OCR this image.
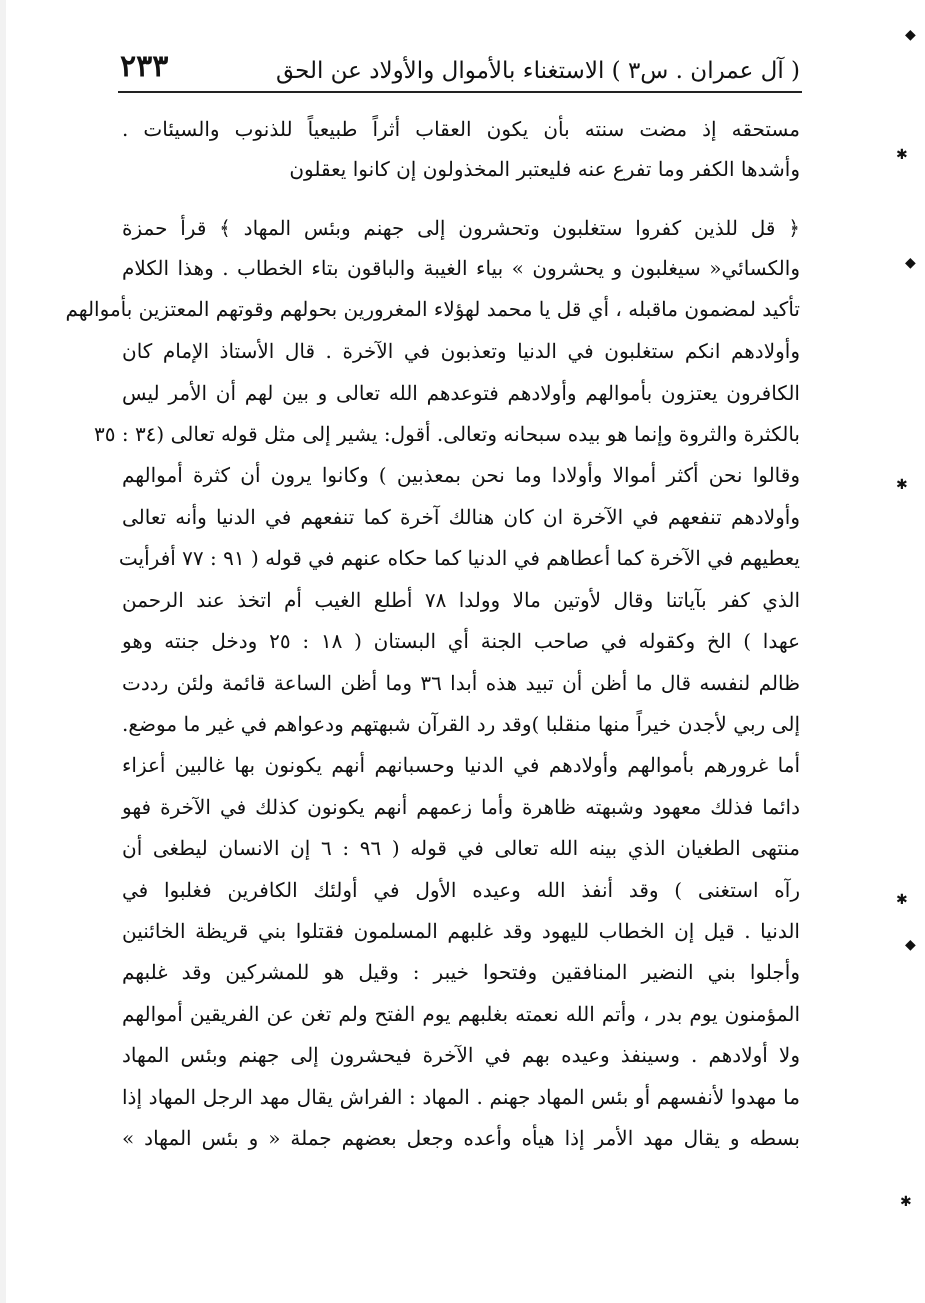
( آل عمران . س٣ ) الاستغناء بالأموال والأولاد عن الحق
٢٣٣
مستحقه إذ مضت سنته بأن يكون العقاب أثراً طبيعياً للذنوب والسيئات .
وأشدها الكفر وما تفرع عنه فليعتبر المخذولون إن كانوا يعقلون
﴿ قل للذين كفروا ستغلبون وتحشرون إلى جهنم وبئس المهاد ﴾ قرأ حمزة
والكسائي« سيغلبون و يحشرون » بياء الغيبة والباقون بتاء الخطاب . وهذا الكلام
تأكيد لمضمون ماقبله ، أي قل يا محمد لهؤلاء المغرورين بحولهم وقوتهم المعتزين بأموالهم
وأولادهم انكم ستغلبون في الدنيا وتعذبون في الآخرة . قال الأستاذ الإمام كان
الكافرون يعتزون بأموالهم وأولادهم فتوعدهم الله تعالى و بين لهم أن الأمر ليس
بالكثرة والثروة وإنما هو بيده سبحانه وتعالى. أقول: يشير إلى مثل قوله تعالى (٣٤ : ٣٥
وقالوا نحن أكثر أموالا وأولادا وما نحن بمعذبين ) وكانوا يرون أن كثرة أموالهم
وأولادهم تنفعهم في الآخرة ان كان هنالك آخرة كما تنفعهم في الدنيا وأنه تعالى
يعطيهم في الآخرة كما أعطاهم في الدنيا كما حكاه عنهم في قوله ( ٩١ : ٧٧ أفرأيت
الذي كفر بآياتنا وقال لأوتين مالا وولدا ٧٨ أطلع الغيب أم اتخذ عند الرحمن
عهدا ) الخ وكقوله في صاحب الجنة أي البستان ( ١٨ : ٢٥ ودخل جنته وهو
ظالم لنفسه قال ما أظن أن تبيد هذه أبدا ٣٦ وما أظن الساعة قائمة ولئن رددت
إلى ربي لأجدن خيراً منها منقلبا )وقد رد القرآن شبهتهم ودعواهم في غير ما موضع.
أما غرورهم بأموالهم وأولادهم في الدنيا وحسبانهم أنهم يكونون بها غالبين أعزاء
دائما فذلك معهود وشبهته ظاهرة وأما زعمهم أنهم يكونون كذلك في الآخرة فهو
منتهى الطغيان الذي بينه الله تعالى في قوله ( ٩٦ : ٦ إن الانسان ليطغى أن
رآه استغنى ) وقد أنفذ الله وعيده الأول في أولئك الكافرين فغلبوا في
الدنيا . قيل إن الخطاب لليهود وقد غلبهم المسلمون فقتلوا بني قريظة الخائنين
وأجلوا بني النضير المنافقين وفتحوا خيبر : وقيل هو للمشركين وقد غلبهم
المؤمنون يوم بدر ، وأتم الله نعمته بغلبهم يوم الفتح ولم تغن عن الفريقين أموالهم
ولا أولادهم . وسينفذ وعيده بهم في الآخرة فيحشرون إلى جهنم وبئس المهاد
ما مهدوا لأنفسهم أو بئس المهاد جهنم . المهاد : الفراش يقال مهد الرجل المهاد إذا
بسطه و يقال مهد الأمر إذا هيأه وأعده وجعل بعضهم جملة « و بئس المهاد »
◆
✱
✱
◆
✱
◆
✱
